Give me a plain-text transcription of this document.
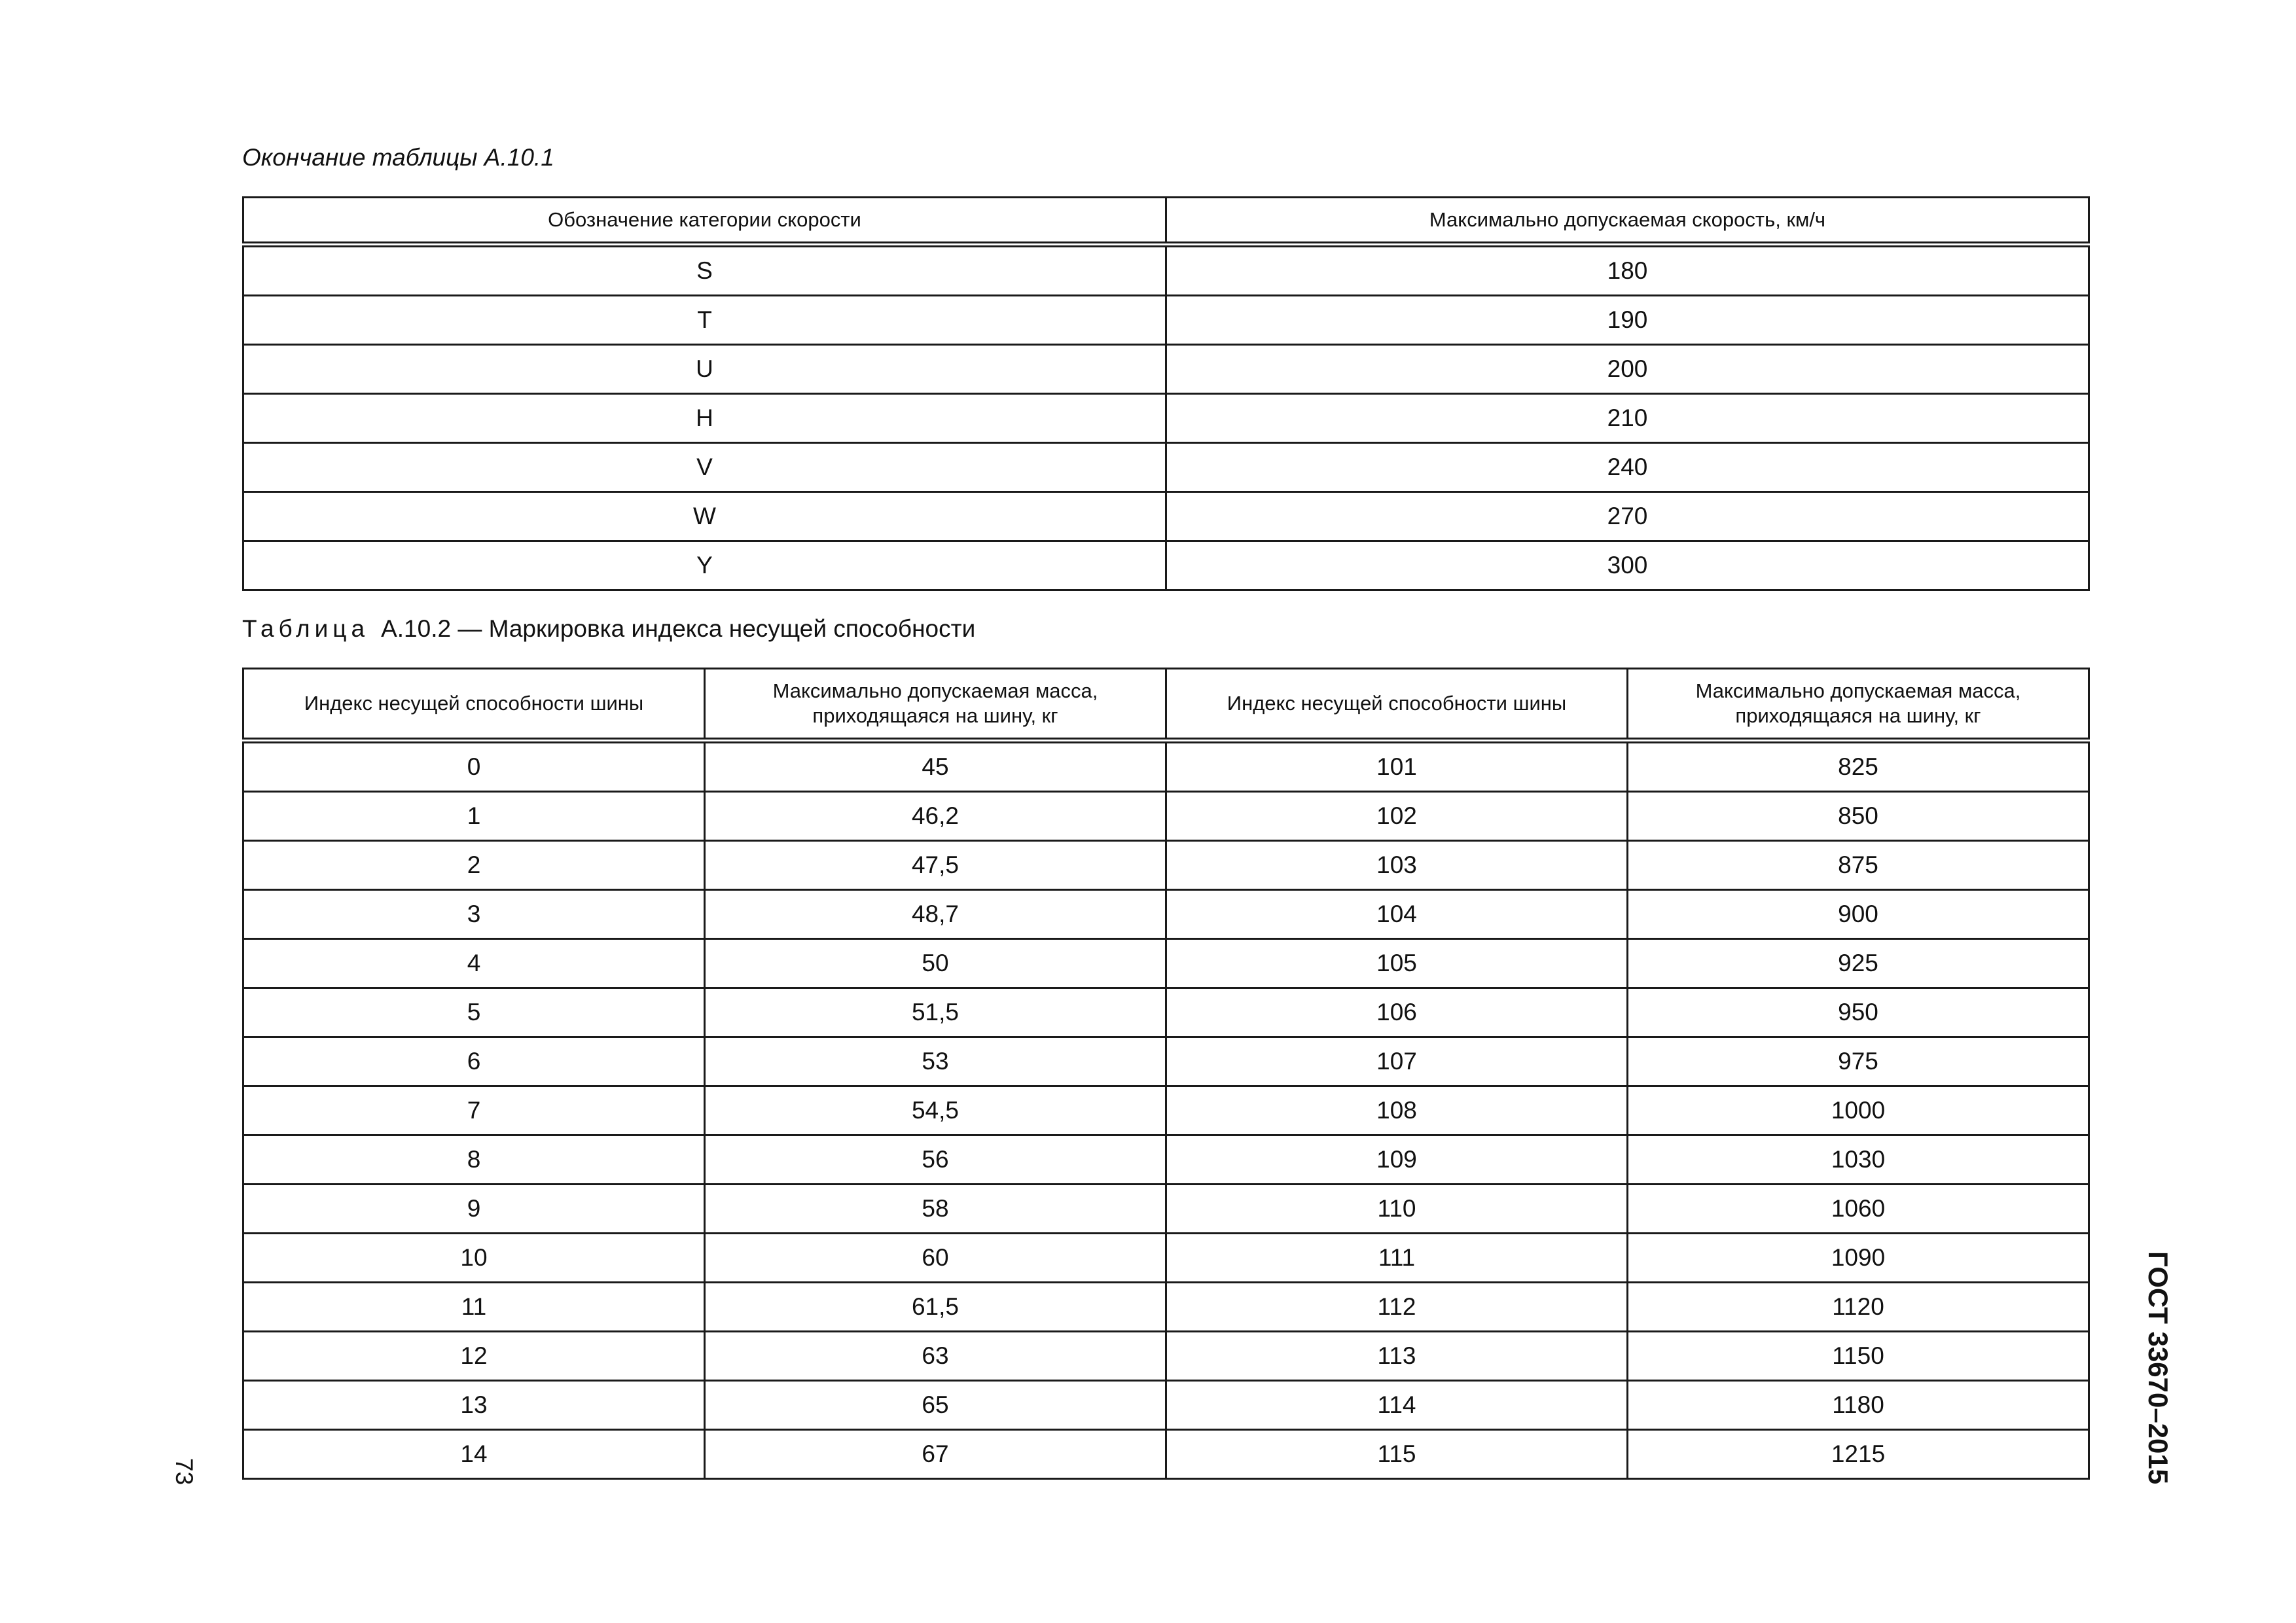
Окончание таблицы А.10.1
Обозначение категории скорости	Максимально допускаемая скорость, км/ч
S	180
T	190
U	200
H	210
V	240
W	270
Y	300
Таблица А.10.2 — Маркировка индекса несущей способности
Индекс несущей способности шины	Максимально допускаемая масса, приходящаяся на шину, кг	Индекс несущей способности шины	Максимально допускаемая масса, приходящаяся на шину, кг
0	45	101	825
1	46,2	102	850
2	47,5	103	875
3	48,7	104	900
4	50	105	925
5	51,5	106	950
6	53	107	975
7	54,5	108	1000
8	56	109	1030
9	58	110	1060
10	60	111	1090
11	61,5	112	1120
12	63	113	1150
13	65	114	1180
14	67	115	1215
73	ГОСТ 33670–2015
